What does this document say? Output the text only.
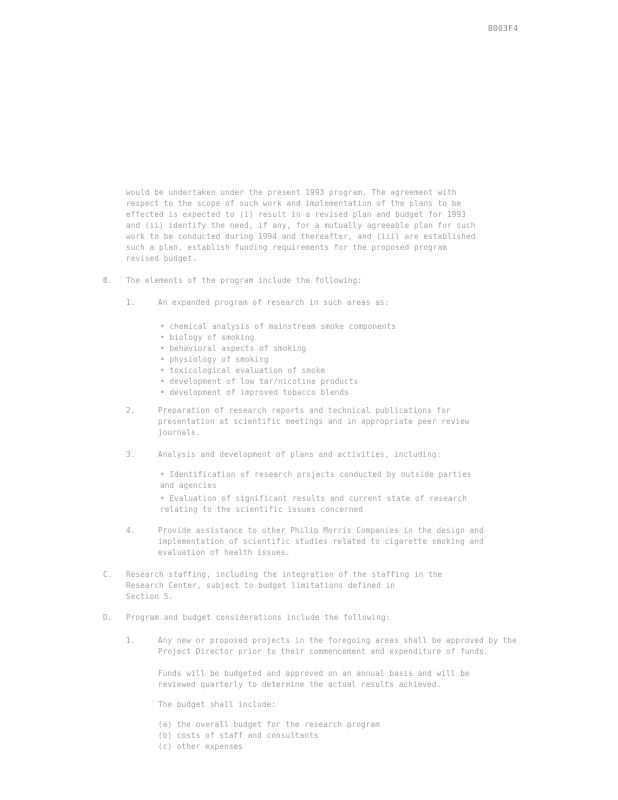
B003F4
would be undertaken under the present 1993 program. The agreement with
respect to the scope of such work and implementation of the plans to be
effected is expected to (i) result in a revised plan and budget for 1993
and (ii) identify the need, if any, for a mutually agreeable plan for such
work to be conducted during 1994 and thereafter, and (iii) are established
such a plan, establish funding requirements for the proposed program
revised budget.
B. The elements of the program include the following:
1.	An expanded program of research in such areas as:
• chemical analysis of mainstream smoke components
• biology of smoking
• behavioral aspects of smoking
• physiology of smoking
• toxicological evaluation of smoke
• development of low tar/nicotine products
• development of improved tobacco blends
2.	Preparation of research reports and technical publications for
presentation at scientific meetings and in appropriate peer review
journals.
3.	Analysis and development of plans and activities, including:
• Identification of research projects conducted by outside parties
and agencies
• Evaluation of significant results and current state of research
relating to the scientific issues concerned
4.	Provide assistance to other Philip Morris Companies in the design and
implementation of scientific studies related to cigarette smoking and
evaluation of health issues.
C. Research staffing, including the integration of the staffing in the
Research Center, subject to budget limitations defined in
Section 5.
D. Program and budget considerations include the following:
1.	Any new or proposed projects in the foregoing areas shall be approved by the
Project Director prior to their commencement and expenditure of funds.
Funds will be budgeted and approved on an annual basis and will be
reviewed quarterly to determine the actual results achieved.
The budget shall include:
(a) the overall budget for the research program
(b) costs of staff and consultants
(c) other expenses
